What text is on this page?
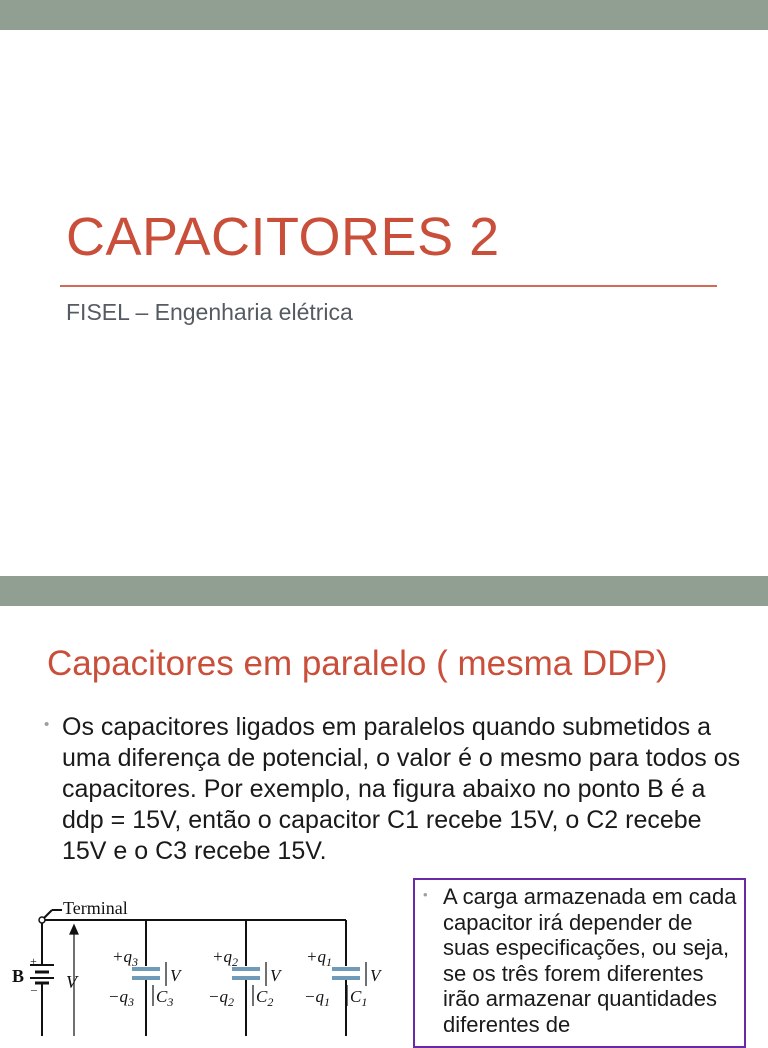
CAPACITORES 2

FISEL – Engenharia elétrica

Capacitores em paralelo ( mesma DDP)
• Os capacitores ligados em paralelos quando submetidos a uma diferença de potencial, o valor é o mesmo para todos os capacitores. Por exemplo, na figura abaixo no ponto B é a ddp = 15V, então o capacitor C1 recebe 15V, o C2 recebe 15V e o C3 recebe 15V.

Terminal
B
+
– V
$+q_3$
$-q_3$ $C_3$
V
$+q_2$
$-q_2$ $C_2$
V
$+q_1$
$-q_1$ $C_1$
V
• A carga armazenada em cada capacitor irá depender de suas especificações, ou seja, se os três forem diferentes irão armazenar quantidades diferentes de
